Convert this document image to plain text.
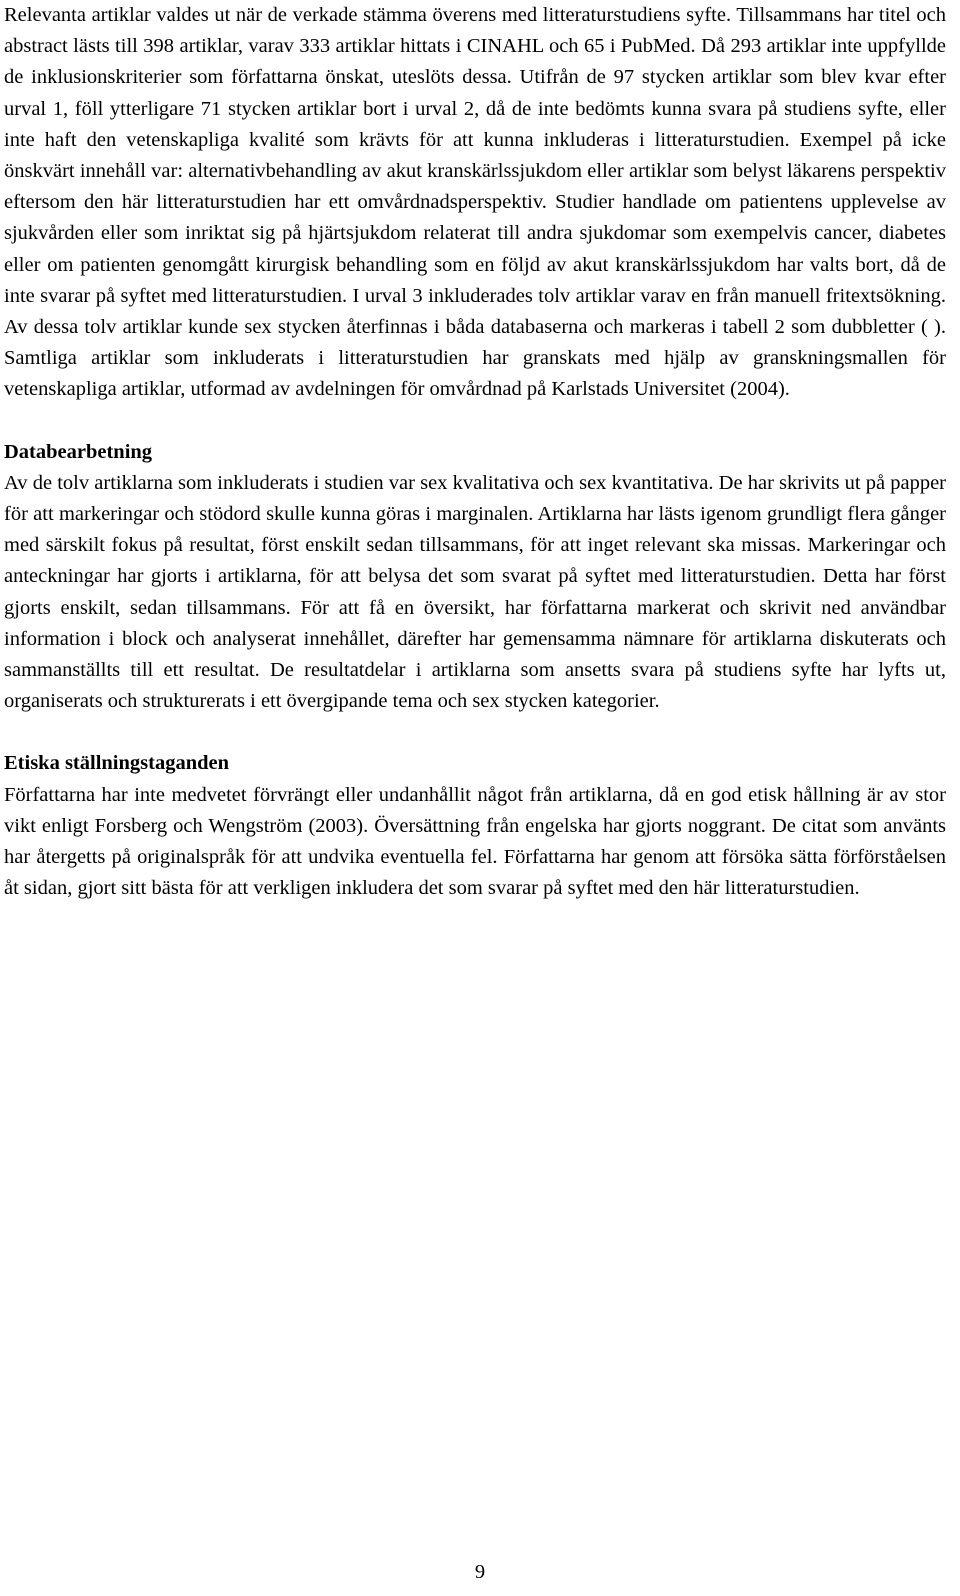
Relevanta artiklar valdes ut när de verkade stämma överens med litteraturstudiens syfte. Tillsammans har titel och abstract lästs till 398 artiklar, varav 333 artiklar hittats i CINAHL och 65 i PubMed. Då 293 artiklar inte uppfyllde de inklusionskriterier som författarna önskat, uteslöts dessa. Utifrån de 97 stycken artiklar som blev kvar efter urval 1, föll ytterligare 71 stycken artiklar bort i urval 2, då de inte bedömts kunna svara på studiens syfte, eller inte haft den vetenskapliga kvalité som krävts för att kunna inkluderas i litteraturstudien. Exempel på icke önskvärt innehåll var: alternativbehandling av akut kranskärlssjukdom eller artiklar som belyst läkarens perspektiv eftersom den här litteraturstudien har ett omvårdnadsperspektiv. Studier handlade om patientens upplevelse av sjukvården eller som inriktat sig på hjärtsjukdom relaterat till andra sjukdomar som exempelvis cancer, diabetes eller om patienten genomgått kirurgisk behandling som en följd av akut kranskärlssjukdom har valts bort, då de inte svarar på syftet med litteraturstudien. I urval 3 inkluderades tolv artiklar varav en från manuell fritextsökning. Av dessa tolv artiklar kunde sex stycken återfinnas i båda databaserna och markeras i tabell 2 som dubbletter ( ). Samtliga artiklar som inkluderats i litteraturstudien har granskats med hjälp av granskningsmallen för vetenskapliga artiklar, utformad av avdelningen för omvårdnad på Karlstads Universitet (2004).

Databearbetning

Av de tolv artiklarna som inkluderats i studien var sex kvalitativa och sex kvantitativa. De har skrivits ut på papper för att markeringar och stödord skulle kunna göras i marginalen. Artiklarna har lästs igenom grundligt flera gånger med särskilt fokus på resultat, först enskilt sedan tillsammans, för att inget relevant ska missas. Markeringar och anteckningar har gjorts i artiklarna, för att belysa det som svarat på syftet med litteraturstudien. Detta har först gjorts enskilt, sedan tillsammans. För att få en översikt, har författarna markerat och skrivit ned användbar information i block och analyserat innehållet, därefter har gemensamma nämnare för artiklarna diskuterats och sammanställts till ett resultat. De resultatdelar i artiklarna som ansetts svara på studiens syfte har lyfts ut, organiserats och strukturerats i ett övergipande tema och sex stycken kategorier.

Etiska ställningstaganden

Författarna har inte medvetet förvrängt eller undanhållit något från artiklarna, då en god etisk hållning är av stor vikt enligt Forsberg och Wengström (2003). Översättning från engelska har gjorts noggrant. De citat som använts har återgetts på originalspråk för att undvika eventuella fel. Författarna har genom att försöka sätta förförståelsen åt sidan, gjort sitt bästa för att verkligen inkludera det som svarar på syftet med den här litteraturstudien.

9
